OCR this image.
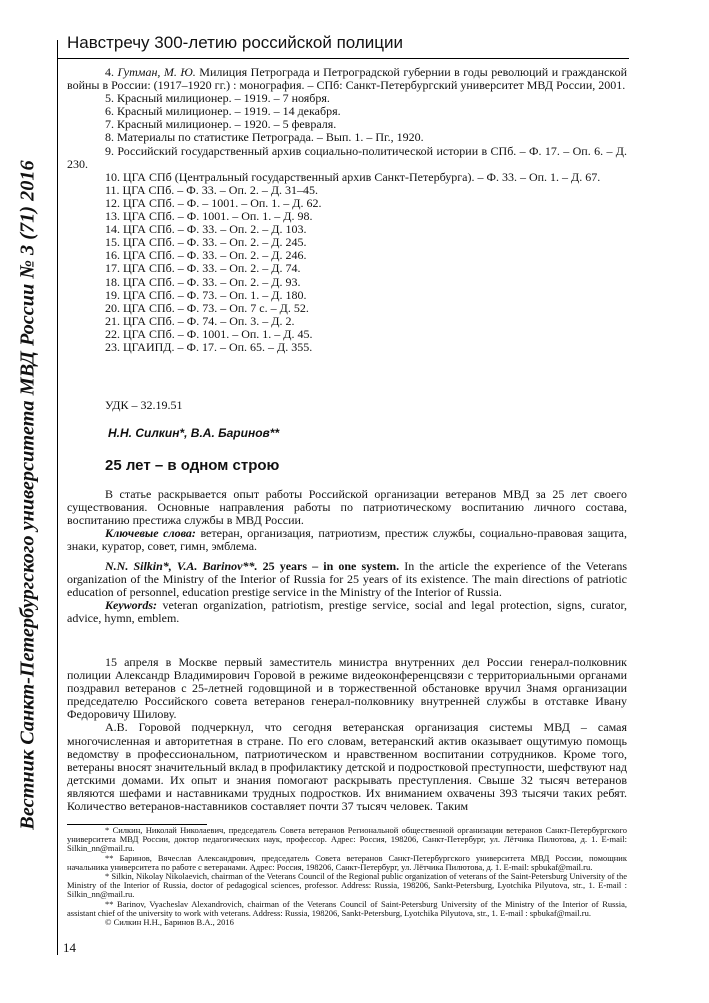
Вестник Санкт-Петербургского университета МВД России № 3 (71) 2016
Навстречу 300-летию российской полиции

4. Гутман, М. Ю. Милиция Петрограда и Петроградской губернии в годы революций и гражданской войны в России: (1917–1920 гг.) : монография. – СПб: Санкт-Петербургский университет МВД России, 2001.

5. Красный милиционер. – 1919. – 7 ноября.

6. Красный милиционер. – 1919. – 14 декабря.

7. Красный милиционер. – 1920. – 5 февраля.

8. Материалы по статистике Петрограда. – Вып. 1. – Пг., 1920.

9. Российский государственный архив социально-политической истории в СПб. – Ф. 17. – Оп. 6. – Д. 230.

10. ЦГА СПб (Центральный государственный архив Санкт-Петербурга). – Ф. 33. – Оп. 1. – Д. 67.

11. ЦГА СПб. – Ф. 33. – Оп. 2. – Д. 31–45.

12. ЦГА СПб. – Ф. – 1001. – Оп. 1. – Д. 62.

13. ЦГА СПб. – Ф. 1001. – Оп. 1. – Д. 98.

14. ЦГА СПб. – Ф. 33. – Оп. 2. – Д. 103.

15. ЦГА СПб. – Ф. 33. – Оп. 2. – Д. 245.

16. ЦГА СПб. – Ф. 33. – Оп. 2. – Д. 246.

17. ЦГА СПб. – Ф. 33. – Оп. 2. – Д. 74.

18. ЦГА СПб. – Ф. 33. – Оп. 2. – Д. 93.

19. ЦГА СПб. – Ф. 73. – Оп. 1. – Д. 180.

20. ЦГА СПб. – Ф. 73. – Оп. 7 с. – Д. 52.

21. ЦГА СПб. – Ф. 74. – Оп. 3. – Д. 2.

22. ЦГА СПб. – Ф. 1001. – Оп. 1. – Д. 45.

23. ЦГАИПД. – Ф. 17. – Оп. 65. – Д. 355.

УДК – 32.19.51
Н.Н. Силкин*, В.А. Баринов**
25 лет – в одном строю

В статье раскрывается опыт работы Российской организации ветеранов МВД за 25 лет своего существования. Основные направления работы по патриотическому воспитанию личного состава, воспитанию престижа службы в МВД России.

Ключевые слова: ветеран, организация, патриотизм, престиж службы, социально-правовая защита, знаки, куратор, совет, гимн, эмблема.

N.N. Silkin*, V.A. Barinov**. 25 years – in one system. In the article the experience of the Veterans organization of the Ministry of the Interior of Russia for 25 years of its existence. The main directions of patriotic education of personnel, education prestige service in the Ministry of the Interior of Russia.

Keywords: veteran organization, patriotism, prestige service, social and legal protection, signs, curator, advice, hymn, emblem.

15 апреля в Москве первый заместитель министра внутренних дел России генерал-полковник полиции Александр Владимирович Горовой в режиме видеоконференцсвязи с территориальными органами поздравил ветеранов с 25-летней годовщиной и в торжественной обстановке вручил Знамя организации председателю Российского совета ветеранов генерал-полковнику внутренней службы в отставке Ивану Федоровичу Шилову.

А.В. Горовой подчеркнул, что сегодня ветеранская организация системы МВД – самая многочисленная и авторитетная в стране. По его словам, ветеранский актив оказывает ощутимую помощь ведомству в профессиональном, патриотическом и нравственном воспитании сотрудников. Кроме того, ветераны вносят значительный вклад в профилактику детской и подростковой преступности, шефствуют над детскими домами. Их опыт и знания помогают раскрывать преступления. Свыше 32 тысяч ветеранов являются шефами и наставниками трудных подростков. Их вниманием охвачены 393 тысячи таких ребят. Количество ветеранов-наставников составляет почти 37 тысяч человек. Таким

* Силкин, Николай Николаевич, председатель Совета ветеранов Региональной общественной организации ветеранов Санкт-Петербургского университета МВД России, доктор педагогических наук, профессор. Адрес: Россия, 198206, Санкт-Петербург, ул. Лётчика Пилютова, д. 1. E-mail: Silkin_nn@mail.ru.

** Баринов, Вячеслав Александрович, председатель Совета ветеранов Санкт-Петербургского университета МВД России, помощник начальника университета по работе с ветеранами. Адрес: Россия, 198206, Санкт-Петербург, ул. Лётчика Пилютова, д. 1. E-mail: spbukaf@mail.ru.

* Silkin, Nikolay Nikolaevich, chairman of the Veterans Council of the Regional public organization of veterans of the Saint-Petersburg University of the Ministry of the Interior of Russia, doctor of pedagogical sciences, professor. Address: Russia, 198206, Sankt-Petersburg, Lyotchika Pilyutova, str., 1. E-mail : Silkin_nn@mail.ru.

** Barinov, Vyacheslav Alexandrovich, chairman of the Veterans Council of Saint-Petersburg University of the Ministry of the Interior of Russia, assistant chief of the university to work with veterans. Address: Russia, 198206, Sankt-Petersburg, Lyotchika Pilyutova, str., 1. E-mail : spbukaf@mail.ru.

© Силкин Н.Н., Баринов В.А., 2016

14
